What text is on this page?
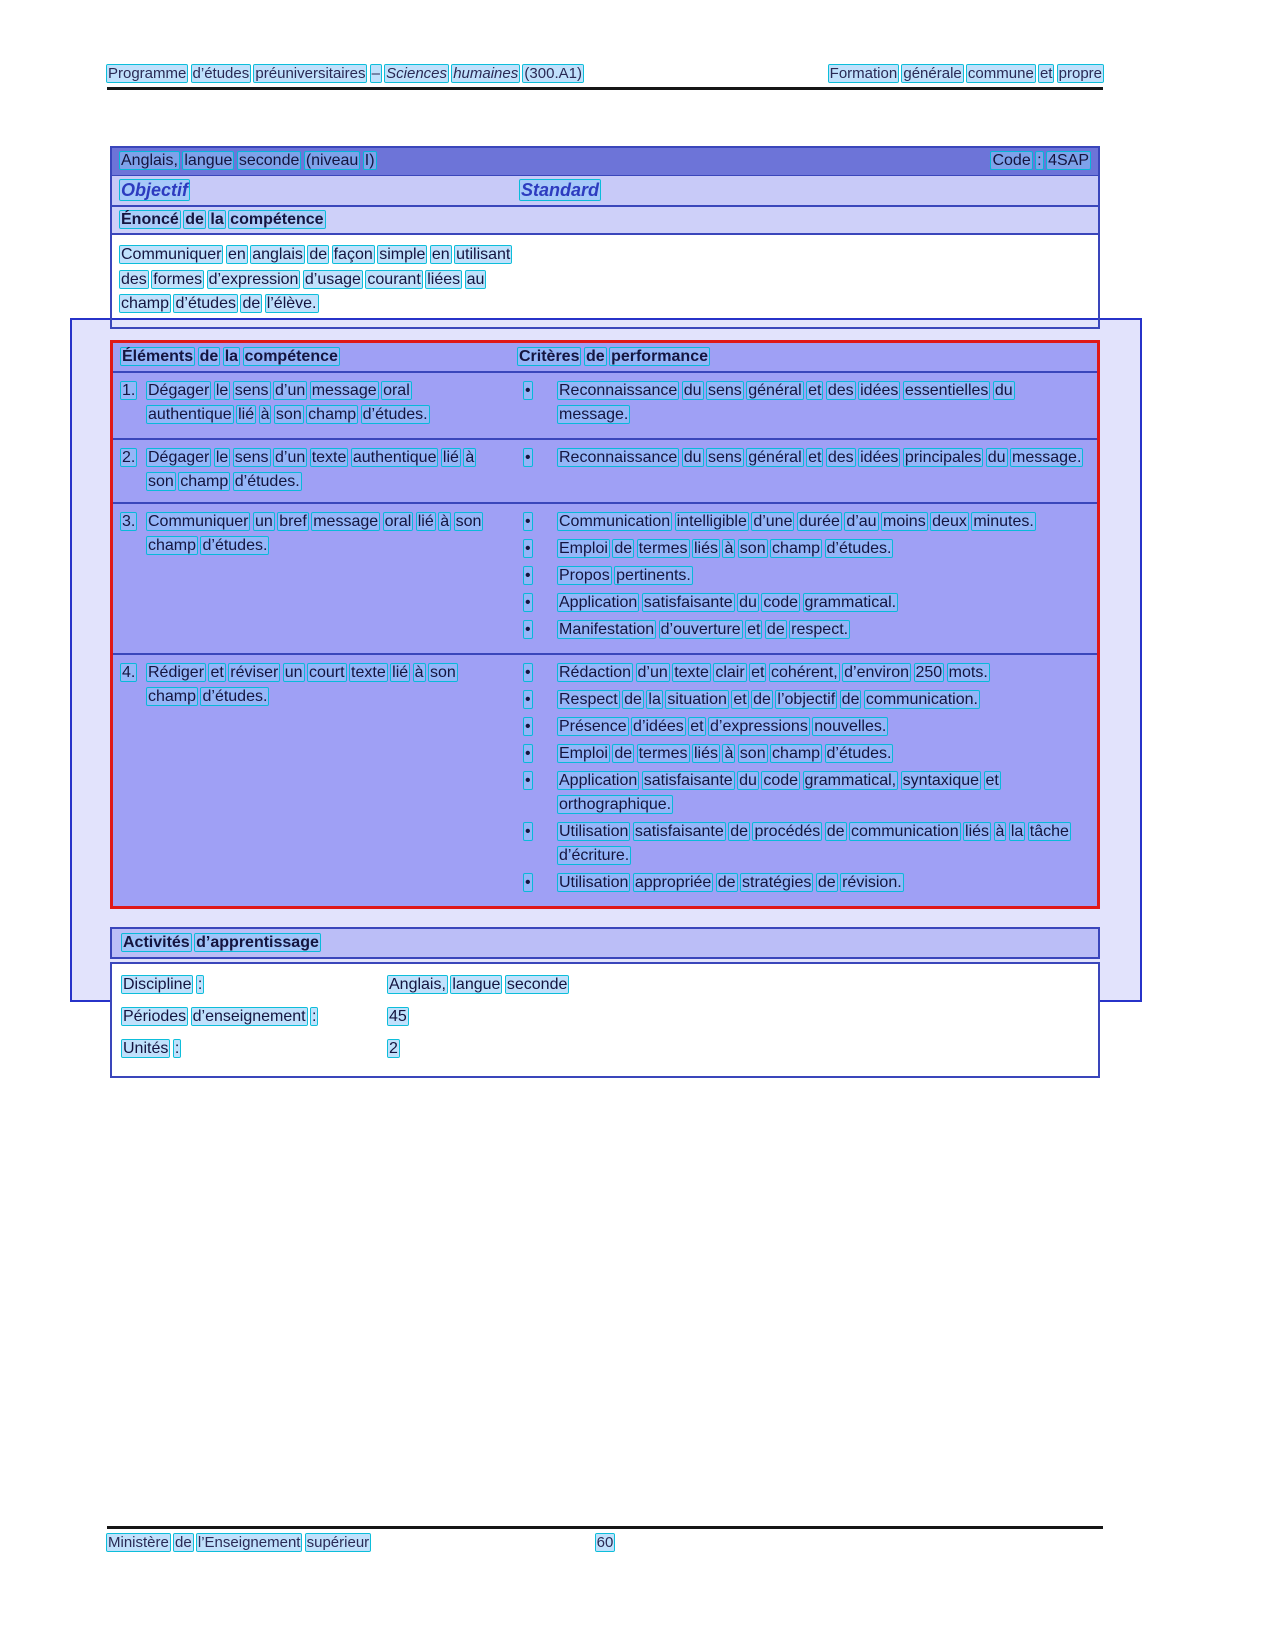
Programme d’études préuniversitaires – Sciences humaines (300.A1)	Formation générale commune et propre
Anglais, langue seconde (niveau I)	Code : 4SAP
Objectif	Standard
Énoncé de la compétence
Communiquer en anglais de façon simple en utilisant des formes d’expression d’usage courant liées au champ d’études de l’élève.
Éléments de la compétence	Critères de performance
1. Dégager le sens d’un message oral authentique lié à son champ d’études.
•	Reconnaissance du sens général et des idées essentielles du message.
2. Dégager le sens d’un texte authentique lié à son champ d’études.
•	Reconnaissance du sens général et des idées principales du message.
3. Communiquer un bref message oral lié à son champ d’études.
•	Communication intelligible d’une durée d’au moins deux minutes.
•	Emploi de termes liés à son champ d’études.
•	Propos pertinents.
•	Application satisfaisante du code grammatical.
•	Manifestation d’ouverture et de respect.
4. Rédiger et réviser un court texte lié à son champ d’études.
•	Rédaction d’un texte clair et cohérent, d’environ 250 mots.
•	Respect de la situation et de l’objectif de communication.
•	Présence d’idées et d’expressions nouvelles.
•	Emploi de termes liés à son champ d’études.
•	Application satisfaisante du code grammatical, syntaxique et orthographique.
•	Utilisation satisfaisante de procédés de communication liés à la tâche d’écriture.
•	Utilisation appropriée de stratégies de révision.
Activités d’apprentissage
Discipline :	Anglais, langue seconde
Périodes d’enseignement :	45
Unités :	2
Ministère de l’Enseignement supérieur	60
